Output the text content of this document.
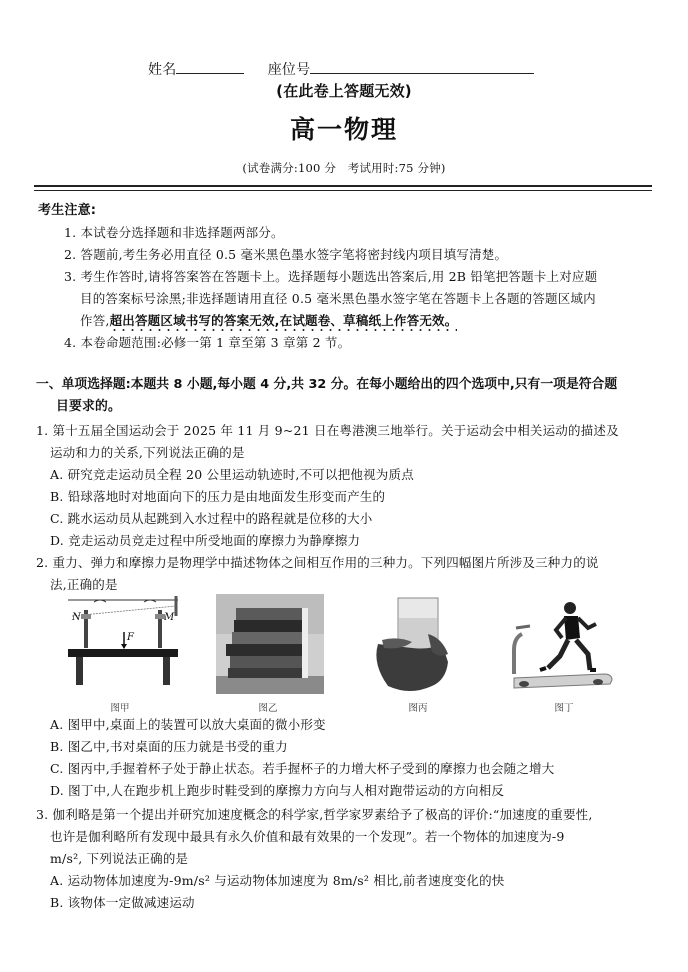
姓名	座位号
(在此卷上答题无效)
高一物理
(试卷满分:100 分　考试用时:75 分钟)
考生注意:
1. 本试卷分选择题和非选择题两部分。
2. 答题前,考生务必用直径 0.5 毫米黑色墨水签字笔将密封线内项目填写清楚。
3. 考生作答时,请将答案答在答题卡上。选择题每小题选出答案后,用 2B 铅笔把答题卡上对应题
目的答案标号涂黑;非选择题请用直径 0.5 毫米黑色墨水签字笔在答题卡上各题的答题区域内
作答,超出答题区域书写的答案无效,在试题卷、草稿纸上作答无效。
4. 本卷命题范围:必修一第 1 章至第 3 章第 2 节。
一、单项选择题:本题共 8 小题,每小题 4 分,共 32 分。在每小题给出的四个选项中,只有一项是符合题
目要求的。
1. 第十五届全国运动会于 2025 年 11 月 9~21 日在粤港澳三地举行。关于运动会中相关运动的描述及
运动和力的关系,下列说法正确的是
A. 研究竞走运动员全程 20 公里运动轨迹时,不可以把他视为质点
B. 铅球落地时对地面向下的压力是由地面发生形变而产生的
C. 跳水运动员从起跳到入水过程中的路程就是位移的大小
D. 竞走运动员竞走过程中所受地面的摩擦力为静摩擦力
2. 重力、弹力和摩擦力是物理学中描述物体之间相互作用的三种力。下列四幅图片所涉及三种力的说
法,正确的是
N	M
F
图甲	图乙	图丙	图丁
A. 图甲中,桌面上的装置可以放大桌面的微小形变
B. 图乙中,书对桌面的压力就是书受的重力
C. 图丙中,手握着杯子处于静止状态。若手握杯子的力增大杯子受到的摩擦力也会随之增大
D. 图丁中,人在跑步机上跑步时鞋受到的摩擦力方向与人相对跑带运动的方向相反
3. 伽利略是第一个提出并研究加速度概念的科学家,哲学家罗素给予了极高的评价:“加速度的重要性,
也许是伽利略所有发现中最具有永久价值和最有效果的一个发现”。若一个物体的加速度为-9
m/s², 下列说法正确的是
A. 运动物体加速度为-9m/s² 与运动物体加速度为 8m/s² 相比,前者速度变化的快
B. 该物体一定做减速运动
